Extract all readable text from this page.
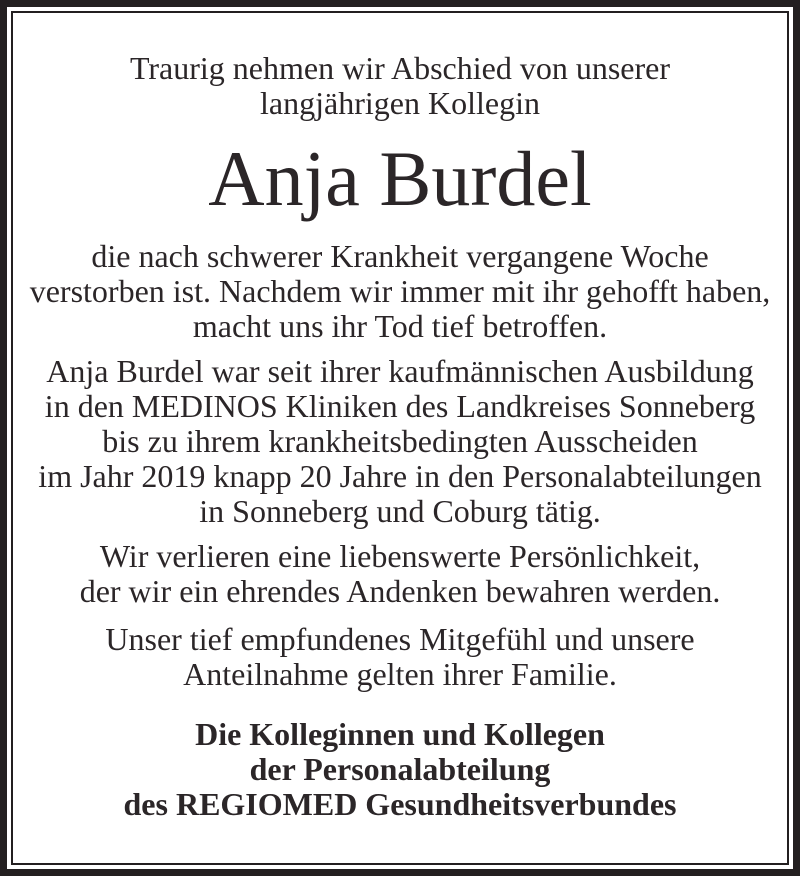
Traurig nehmen wir Abschied von unserer
langjährigen Kollegin
Anja Burdel

die nach schwerer Krankheit vergangene Woche
verstorben ist. Nachdem wir immer mit ihr gehofft haben,
macht uns ihr Tod tief betroffen.

Anja Burdel war seit ihrer kaufmännischen Ausbildung
in den MEDINOS Kliniken des Landkreises Sonneberg
bis zu ihrem krankheitsbedingten Ausscheiden
im Jahr 2019 knapp 20 Jahre in den Personalabteilungen
in Sonneberg und Coburg tätig.

Wir verlieren eine liebenswerte Persönlichkeit,
der wir ein ehrendes Andenken bewahren werden.

Unser tief empfundenes Mitgefühl und unsere
Anteilnahme gelten ihrer Familie.

Die Kolleginnen und Kollegen
der Personalabteilung
des REGIOMED Gesundheitsverbundes
